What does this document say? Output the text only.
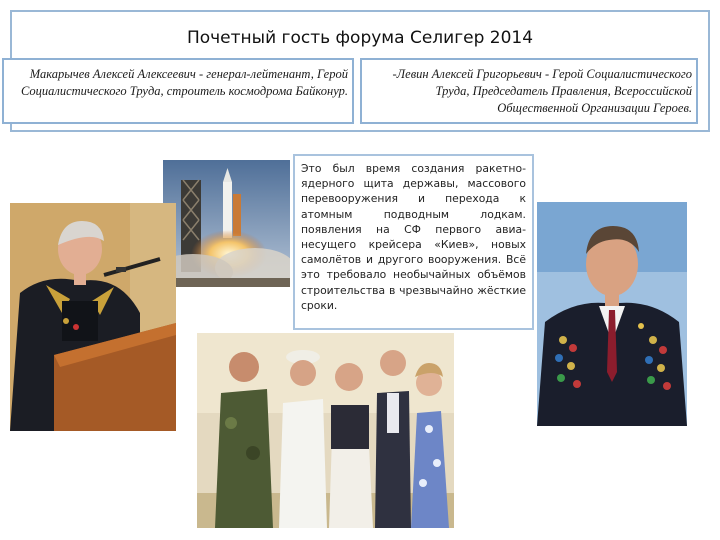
Почетный гость форума Селигер 2014
Макарычев Алексей Алексеевич - генерал-лейтенант, Герой Социалистического Труда, строитель космодрома Байконур.
-Левин Алексей Григорьевич - Герой Социалистического Труда, Председатель Правления, Всероссийской Общественной Организации Героев.
Это был время создания ракетно-ядерного щита державы, массового перевооружения и перехода к атомным подводным лодкам. появления на СФ первого авиа-несущего крейсера «Киев», новых самолётов и другого вооружения. Всё это требовало необычайных объёмов строительства в чрезвычайно жёсткие сроки.
